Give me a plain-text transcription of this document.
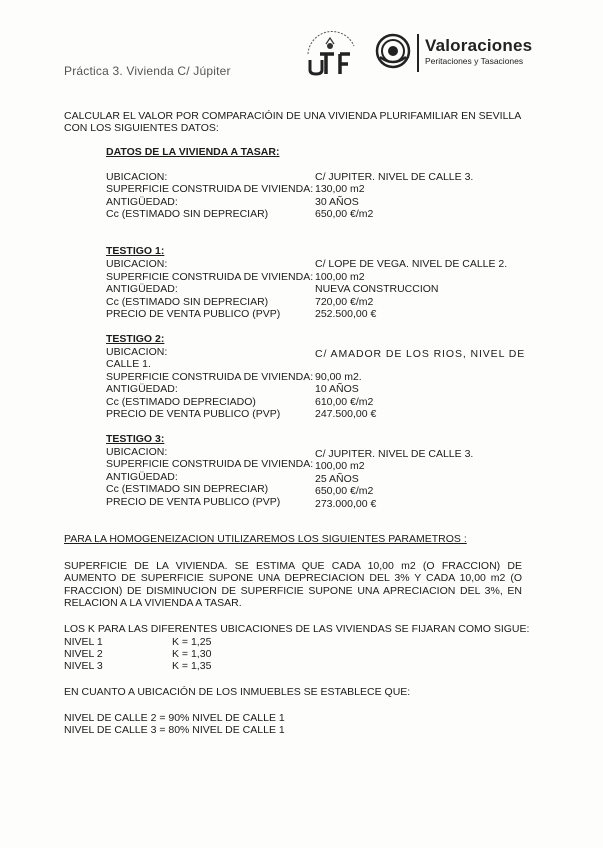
Práctica 3. Vivienda C/ Júpiter
Valoraciones
Peritaciones y Tasaciones
CALCULAR EL VALOR POR COMPARACIÓIN DE UNA VIVIENDA PLURIFAMILIAR EN SEVILLA CON LOS SIGUIENTES DATOS:
DATOS DE LA VIVIENDA A TASAR:
UBICACION:	C/ JUPITER. NIVEL DE CALLE 3.
SUPERFICIE CONSTRUIDA DE VIVIENDA: 130,00 m2
ANTIGÜEDAD:	30 AÑOS
Cc (ESTIMADO SIN DEPRECIAR)	650,00 €/m2
TESTIGO 1:
UBICACION:	C/ LOPE DE VEGA. NIVEL DE CALLE 2.
SUPERFICIE CONSTRUIDA DE VIVIENDA: 100,00 m2
ANTIGÜEDAD:	NUEVA CONSTRUCCION
Cc (ESTIMADO SIN DEPRECIAR)	720,00 €/m2
PRECIO DE VENTA PUBLICO (PVP)	252.500,00 €
TESTIGO 2:
UBICACION:	C/ AMADOR DE LOS RIOS, NIVEL DE
CALLE 1.
SUPERFICIE CONSTRUIDA DE VIVIENDA: 90,00 m2.
ANTIGÜEDAD:	10 AÑOS
Cc (ESTIMADO DEPRECIADO)	610,00 €/m2
PRECIO DE VENTA PUBLICO (PVP)	247.500,00 €
TESTIGO 3:
UBICACION:	C/ JUPITER. NIVEL DE CALLE 3.
SUPERFICIE CONSTRUIDA DE VIVIENDA: 100,00 m2
ANTIGÜEDAD:	25 AÑOS
Cc (ESTIMADO SIN DEPRECIAR)	650,00 €/m2
PRECIO DE VENTA PUBLICO (PVP)	273.000,00 €
PARA LA HOMOGENEIZACION UTILIZAREMOS LOS SIGUIENTES PARAMETROS :
SUPERFICIE DE LA VIVIENDA. SE ESTIMA QUE CADA 10,00 m2 (O FRACCION) DE AUMENTO DE SUPERFICIE SUPONE UNA DEPRECIACION DEL 3% Y CADA 10,00 m2 (O FRACCION) DE DISMINUCION DE SUPERFICIE SUPONE UNA APRECIACION DEL 3%, EN RELACION A LA VIVIENDA A TASAR.
LOS K PARA LAS DIFERENTES UBICACIONES DE LAS VIVIENDAS SE FIJARAN COMO SIGUE:
NIVEL 1	K = 1,25
NIVEL 2	K = 1,30
NIVEL 3	K = 1,35
EN CUANTO A UBICACIÓN DE LOS INMUEBLES SE ESTABLECE QUE:
NIVEL DE CALLE 2 = 90% NIVEL DE CALLE 1
NIVEL DE CALLE 3 = 80% NIVEL DE CALLE 1
